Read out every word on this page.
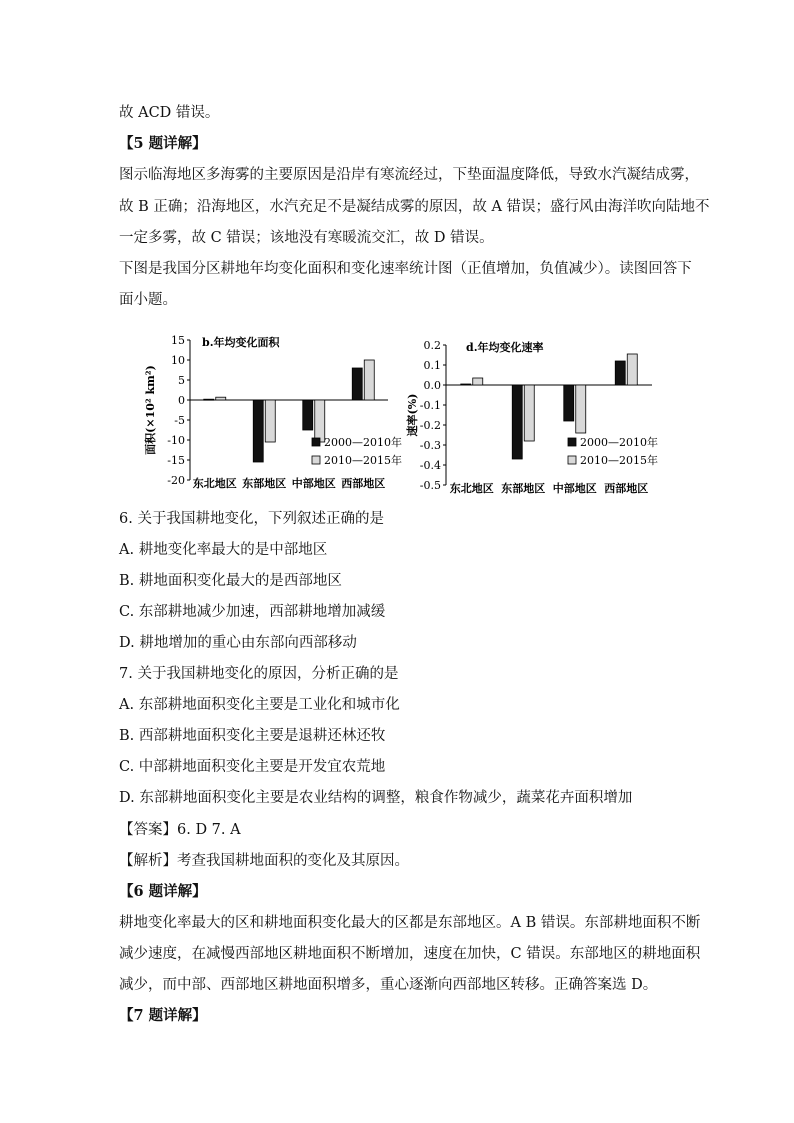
故 ACD 错误。
【5 题详解】
图示临海地区多海雾的主要原因是沿岸有寒流经过，下垫面温度降低，导致水汽凝结成雾，
故 B 正确；沿海地区，水汽充足不是凝结成雾的原因，故 A 错误；盛行风由海洋吹向陆地不
一定多雾，故 C 错误；该地没有寒暖流交汇，故 D 错误。
下图是我国分区耕地年均变化面积和变化速率统计图（正值增加，负值减少）。读图回答下
面小题。
15
10
5
0
-5
-10
-15
-20
b.年均变化面积
面积(×10² km²)
东北地区 东部地区 中部地区 西部地区
2000—2010年
2010—2015年
0.2
0.1
0.0
-0.1
-0.2
-0.3
-0.4
-0.5
d.年均变化速率
速率(%)
东北地区 东部地区 中部地区 西部地区
2000—2010年
2010—2015年
6. 关于我国耕地变化，下列叙述正确的是
A. 耕地变化率最大的是中部地区
B. 耕地面积变化最大的是西部地区
C. 东部耕地减少加速，西部耕地增加减缓
D. 耕地增加的重心由东部向西部移动
7. 关于我国耕地变化的原因，分析正确的是
A. 东部耕地面积变化主要是工业化和城市化
B. 西部耕地面积变化主要是退耕还林还牧
C. 中部耕地面积变化主要是开发宜农荒地
D. 东部耕地面积变化主要是农业结构的调整，粮食作物减少，蔬菜花卉面积增加
【答案】6. D 7. A
【解析】考查我国耕地面积的变化及其原因。
【6 题详解】
耕地变化率最大的区和耕地面积变化最大的区都是东部地区。A B 错误。东部耕地面积不断
减少速度，在减慢西部地区耕地面积不断增加，速度在加快，C 错误。东部地区的耕地面积
减少，而中部、西部地区耕地面积增多，重心逐渐向西部地区转移。正确答案选 D。
【7 题详解】
